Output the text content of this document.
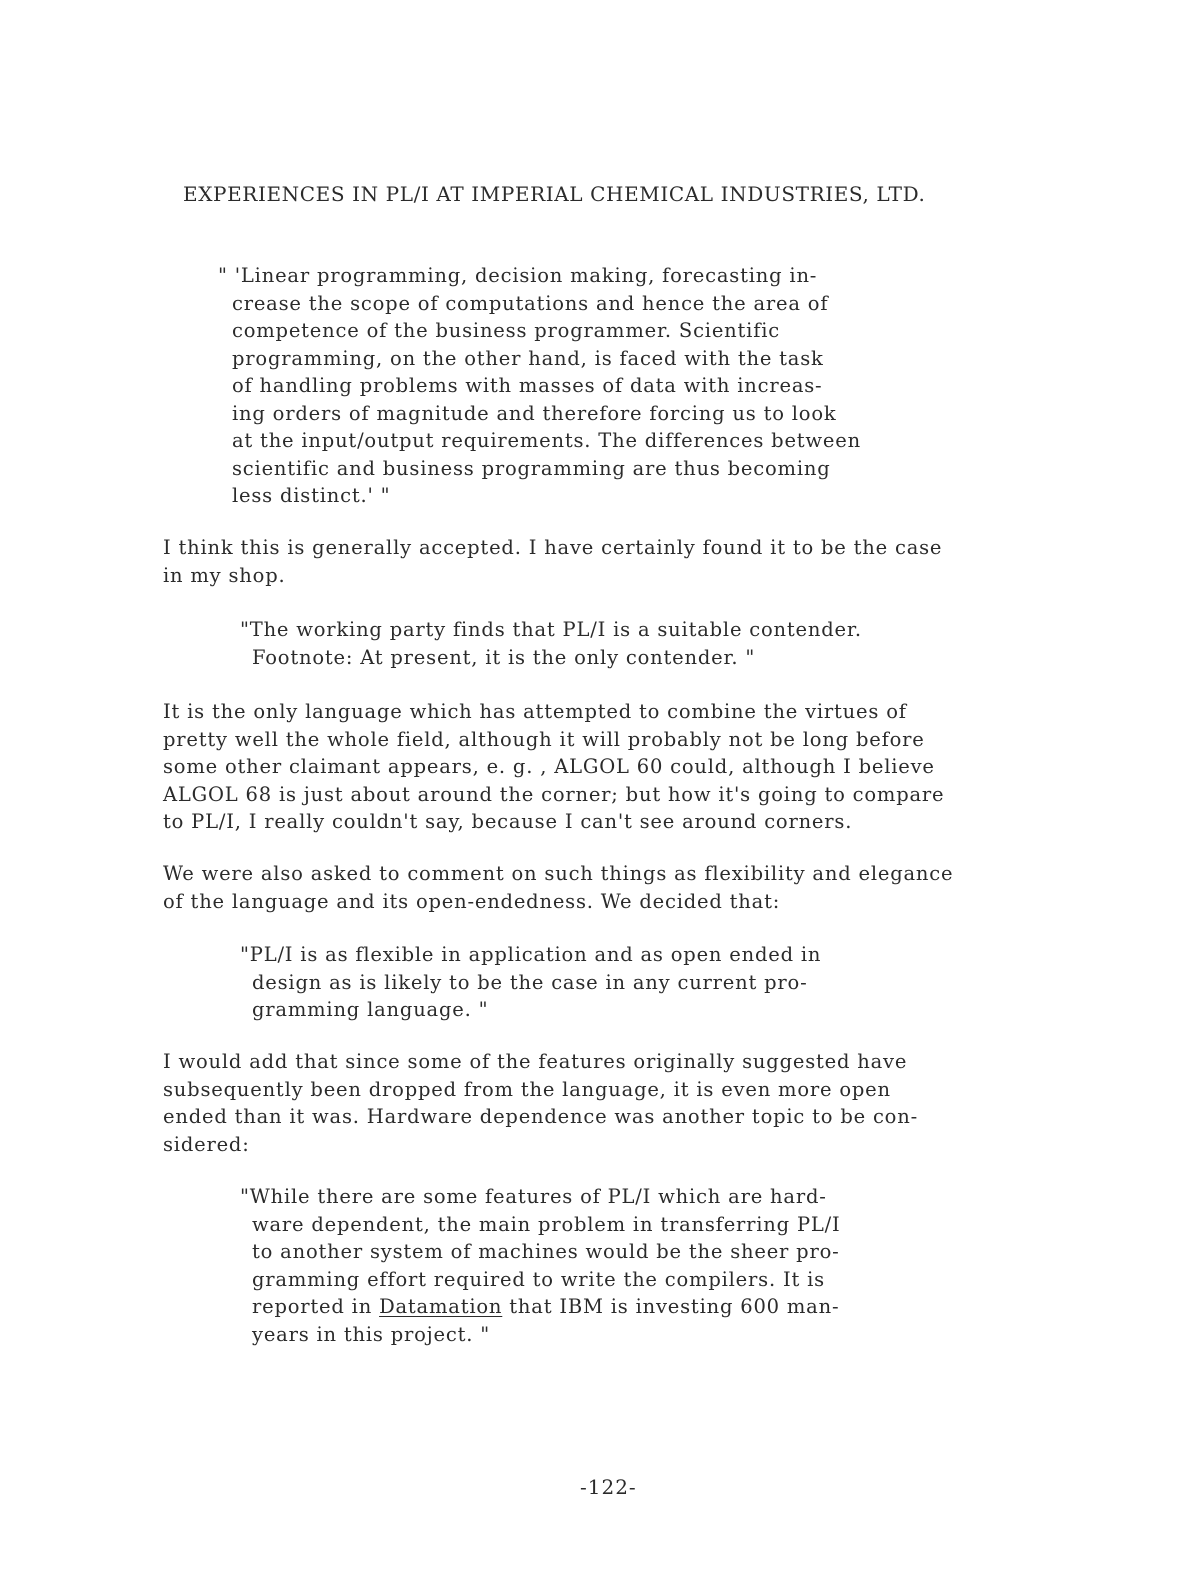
EXPERIENCES IN PL/I AT IMPERIAL CHEMICAL INDUSTRIES, LTD.
" 'Linear programming, decision making, forecasting in-
crease the scope of computations and hence the area of
competence of the business programmer. Scientific
programming, on the other hand, is faced with the task
of handling problems with masses of data with increas-
ing orders of magnitude and therefore forcing us to look
at the input/output requirements. The differences between
scientific and business programming are thus becoming
less distinct.' "
I think this is generally accepted. I have certainly found it to be the case
in my shop.
"The working party finds that PL/I is a suitable contender.
Footnote: At present, it is the only contender. "
It is the only language which has attempted to combine the virtues of
pretty well the whole field, although it will probably not be long before
some other claimant appears, e. g. , ALGOL 60 could, although I believe
ALGOL 68 is just about around the corner; but how it's going to compare
to PL/I, I really couldn't say, because I can't see around corners.
We were also asked to comment on such things as flexibility and elegance
of the language and its open-endedness. We decided that:
"PL/I is as flexible in application and as open ended in
design as is likely to be the case in any current pro-
gramming language. "
I would add that since some of the features originally suggested have
subsequently been dropped from the language, it is even more open
ended than it was. Hardware dependence was another topic to be con-
sidered:
"While there are some features of PL/I which are hard-
ware dependent, the main problem in transferring PL/I
to another system of machines would be the sheer pro-
gramming effort required to write the compilers. It is
reported in Datamation that IBM is investing 600 man-
years in this project. "
-122-
